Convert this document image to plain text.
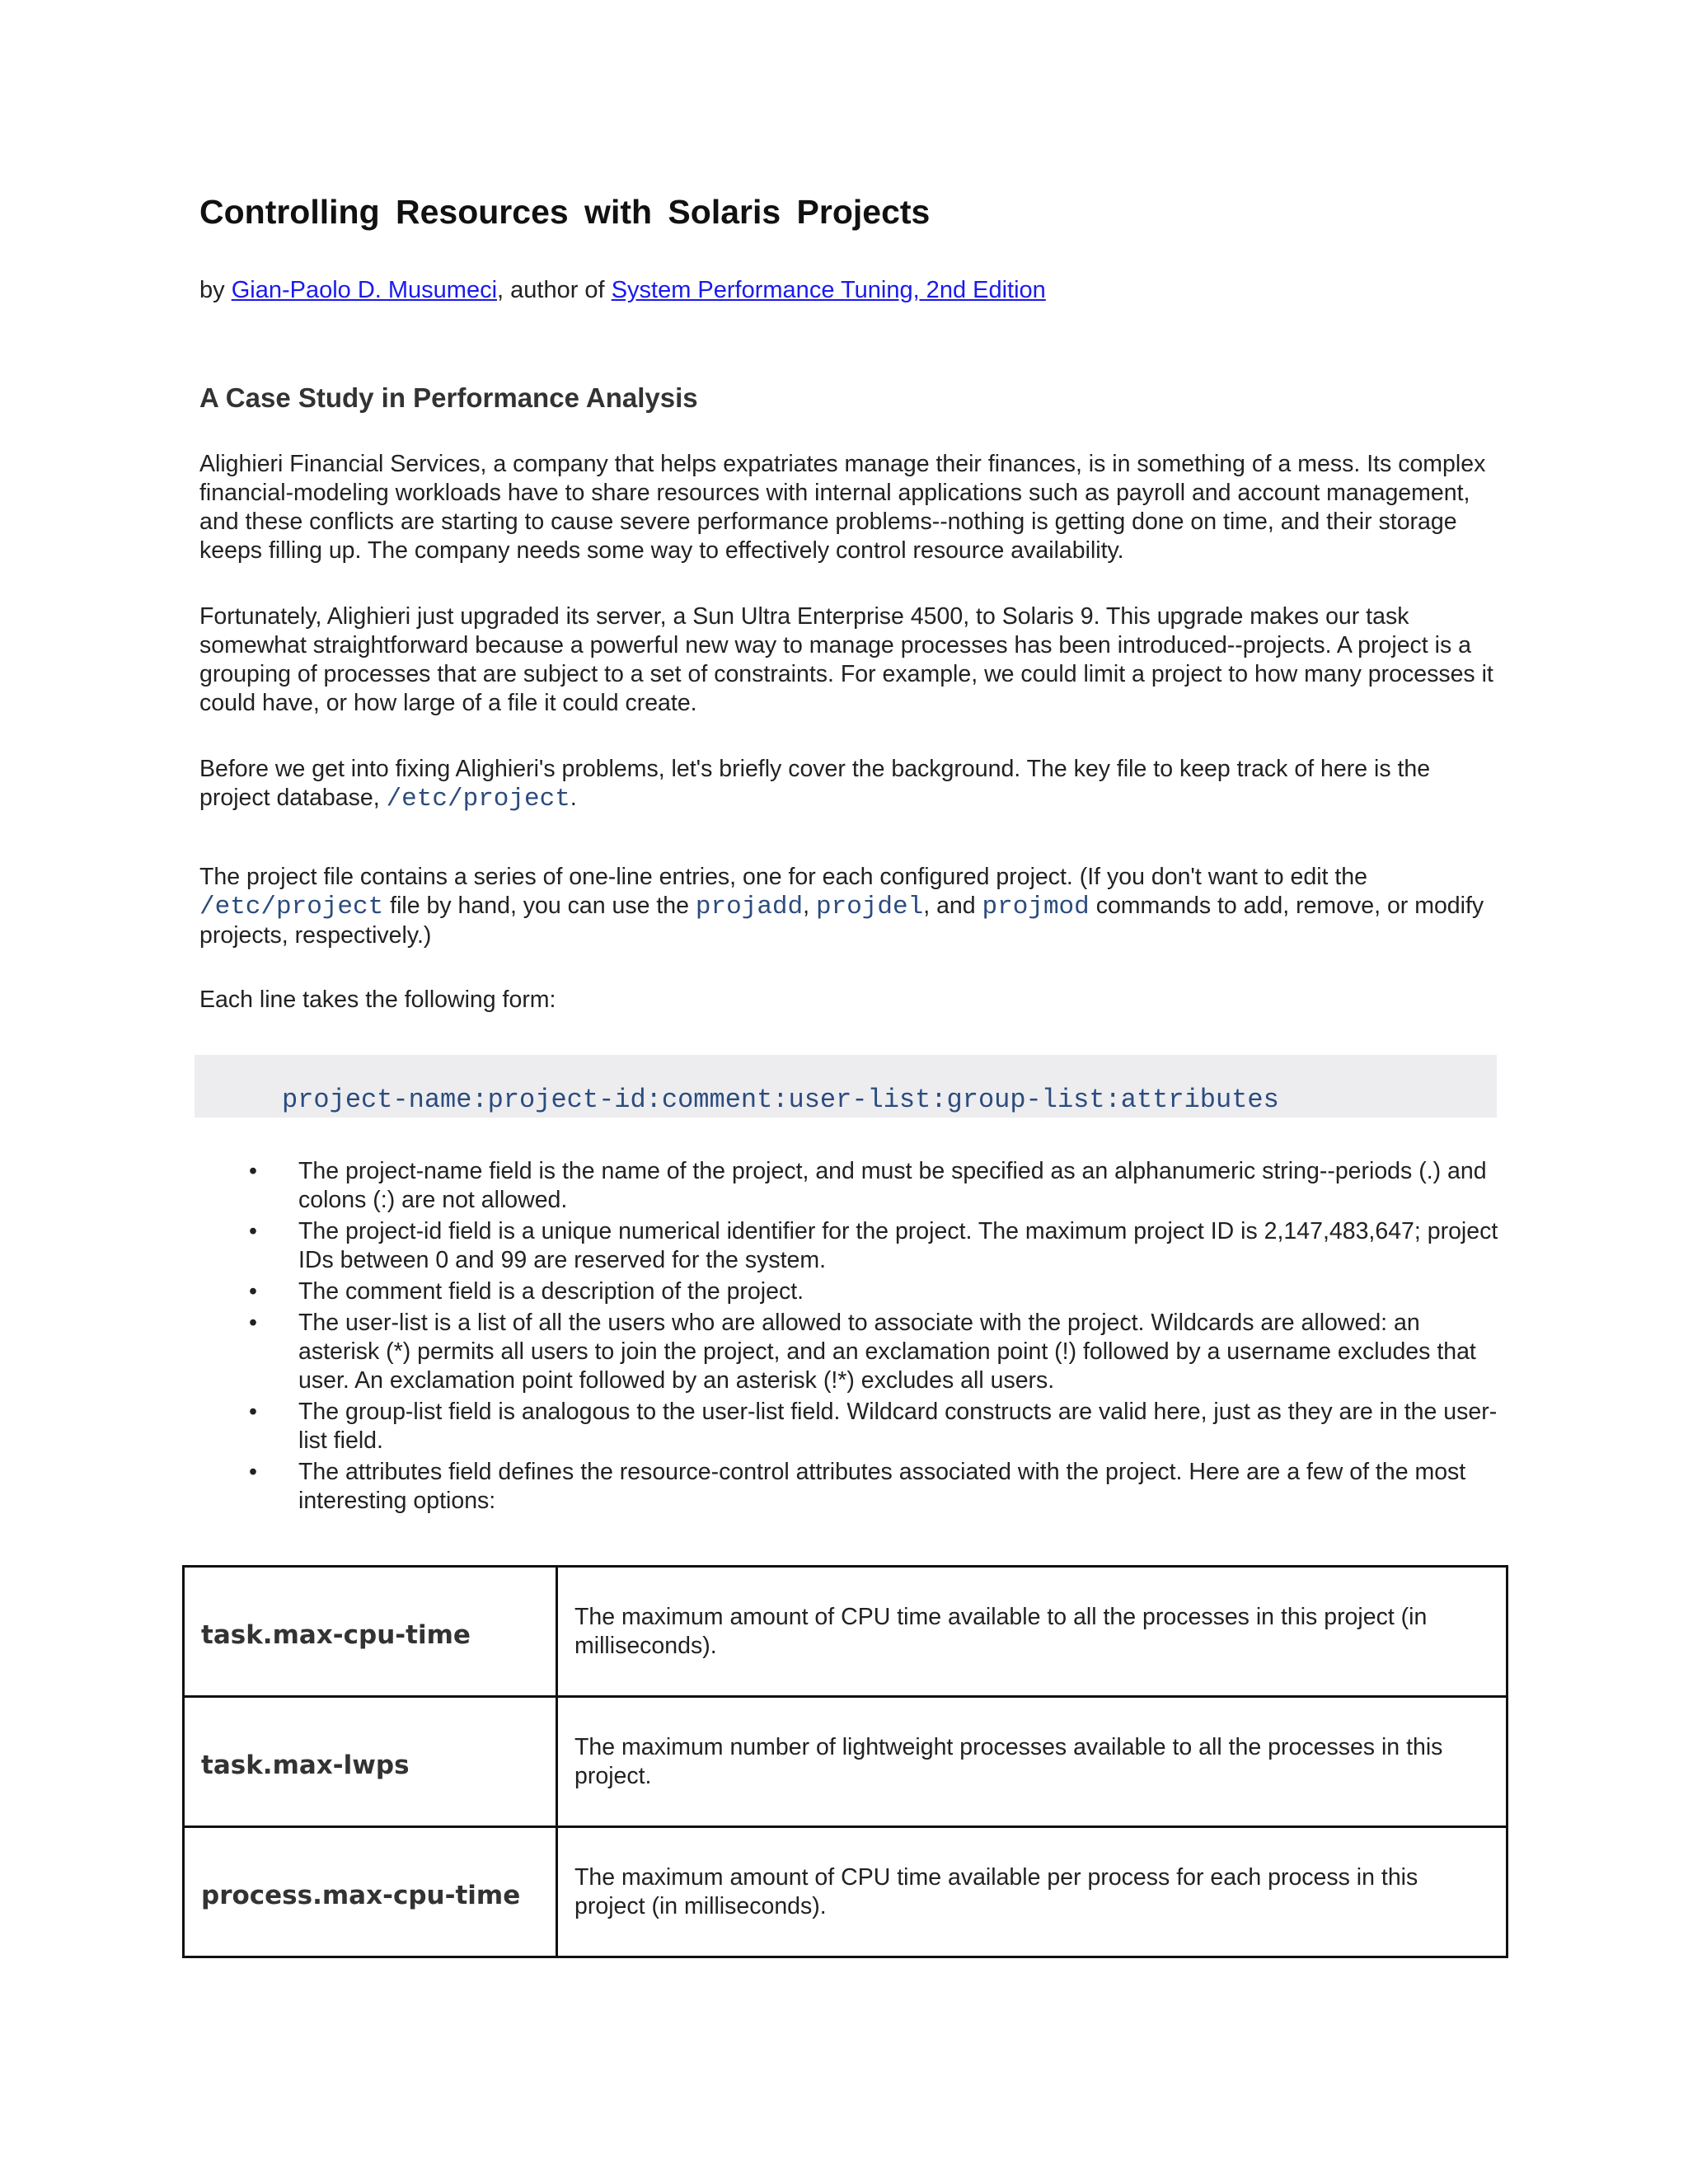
Controlling Resources with Solaris Projects

by Gian-Paolo D. Musumeci, author of System Performance Tuning, 2nd Edition

A Case Study in Performance Analysis

Alighieri Financial Services, a company that helps expatriates manage their finances, is in something of a mess. Its complex financial-modeling workloads have to share resources with internal applications such as payroll and account management, and these conflicts are starting to cause severe performance problems--nothing is getting done on time, and their storage keeps filling up. The company needs some way to effectively control resource availability.

Fortunately, Alighieri just upgraded its server, a Sun Ultra Enterprise 4500, to Solaris 9. This upgrade makes our task somewhat straightforward because a powerful new way to manage processes has been introduced--projects. A project is a grouping of processes that are subject to a set of constraints. For example, we could limit a project to how many processes it could have, or how large of a file it could create.

Before we get into fixing Alighieri's problems, let's briefly cover the background. The key file to keep track of here is the project database, /etc/project.

The project file contains a series of one-line entries, one for each configured project. (If you don't want to edit the /etc/project file by hand, you can use the projadd, projdel, and projmod commands to add, remove, or modify projects, respectively.)

Each line takes the following form:

project-name:project-id:comment:user-list:group-list:attributes
• The project-name field is the name of the project, and must be specified as an alphanumeric string--periods (.) and colons (:) are not allowed.
• The project-id field is a unique numerical identifier for the project. The maximum project ID is 2,147,483,647; project IDs between 0 and 99 are reserved for the system.
• The comment field is a description of the project.
• The user-list is a list of all the users who are allowed to associate with the project. Wildcards are allowed: an asterisk (*) permits all users to join the project, and an exclamation point (!) followed by a username excludes that user. An exclamation point followed by an asterisk (!*) excludes all users.
• The group-list field is analogous to the user-list field. Wildcard constructs are valid here, just as they are in the user-list field.
• The attributes field defines the resource-control attributes associated with the project. Here are a few of the most interesting options:
task.max-cpu-time	The maximum amount of CPU time available to all the processes in this project (in milliseconds).
task.max-lwps	The maximum number of lightweight processes available to all the processes in this project.
process.max-cpu-time	The maximum amount of CPU time available per process for each process in this project (in milliseconds).
